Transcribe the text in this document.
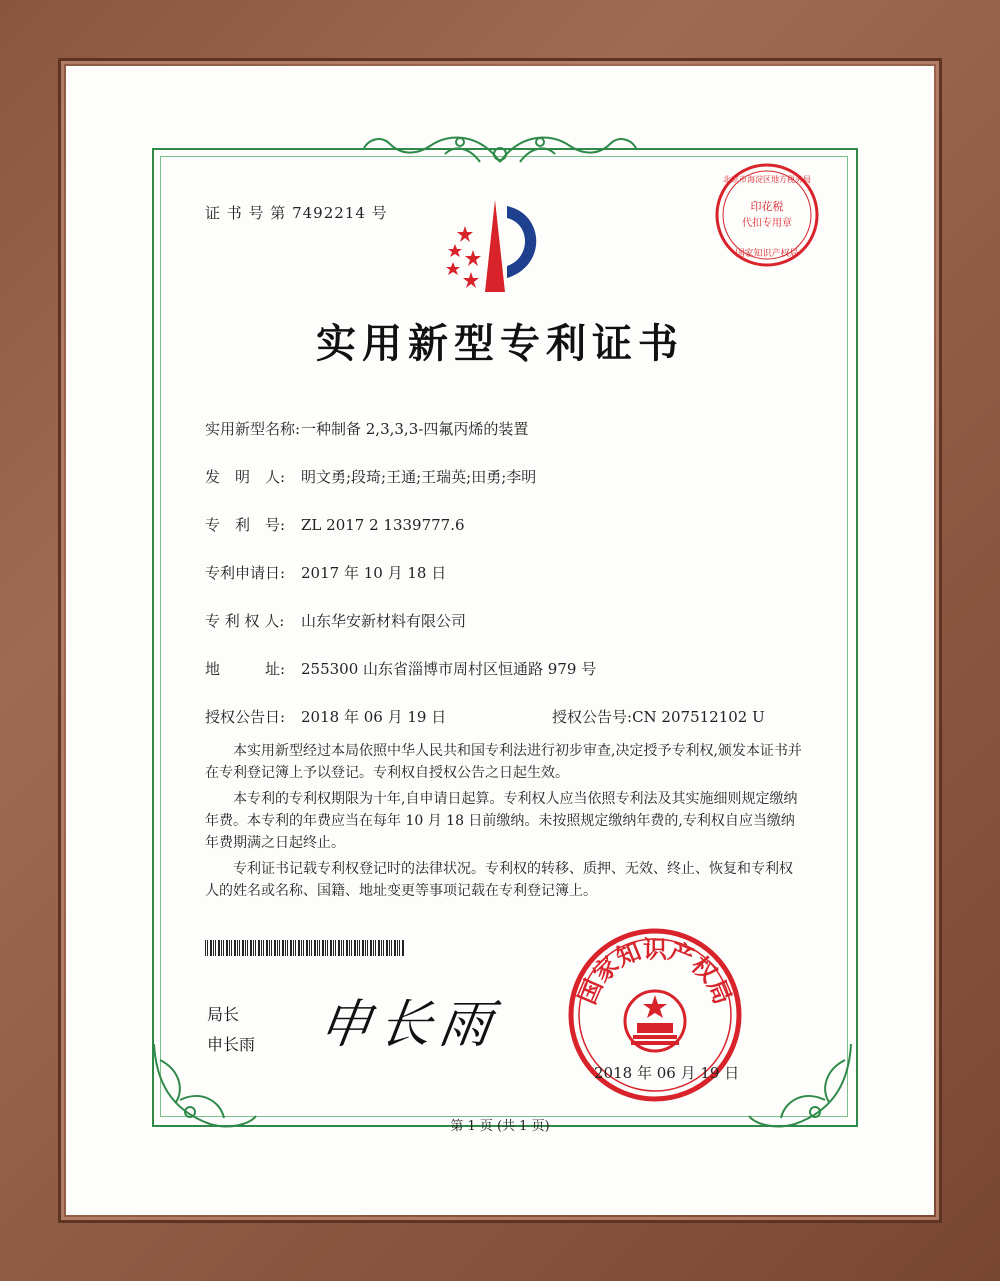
证 书 号 第 7492214 号	印花税
代扣专用章
北京市海淀区地方税务局
国家知识产权局
实用新型专利证书
实用新型名称:一种制备 2,3,3,3-四氟丙烯的装置
发　明　人: 明文勇;段琦;王通;王瑞英;田勇;李明
专　利　号: ZL 2017 2 1339777.6
专利申请日: 2017 年 10 月 18 日
专 利 权 人: 山东华安新材料有限公司
地　　　址: 255300 山东省淄博市周村区恒通路 979 号
授权公告日: 2018 年 06 月 19 日	授权公告号:CN 207512102 U
本实用新型经过本局依照中华人民共和国专利法进行初步审查,决定授予专利权,颁发本证书并在专利登记簿上予以登记。专利权自授权公告之日起生效。
本专利的专利权期限为十年,自申请日起算。专利权人应当依照专利法及其实施细则规定缴纳年费。本专利的年费应当在每年 10 月 18 日前缴纳。未按照规定缴纳年费的,专利权自应当缴纳年费期满之日起终止。
专利证书记载专利权登记时的法律状况。专利权的转移、质押、无效、终止、恢复和专利权人的姓名或名称、国籍、地址变更等事项记载在专利登记簿上。
局长
申长雨 申长雨
国家知识产权局
2018 年 06 月 19 日
第 1 页 (共 1 页)
